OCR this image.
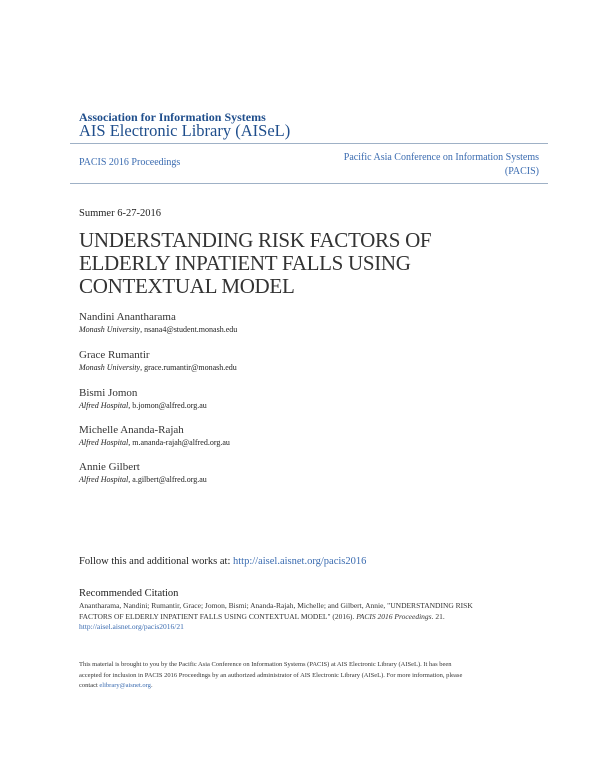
Association for Information Systems
AIS Electronic Library (AISeL)
PACIS 2016 Proceedings	Pacific Asia Conference on Information Systems
(PACIS)
Summer 6-27-2016
UNDERSTANDING RISK FACTORS OF
ELDERLY INPATIENT FALLS USING
CONTEXTUAL MODEL
Nandini Anantharama
Monash University, nsana4@student.monash.edu
Grace Rumantir
Monash University, grace.rumantir@monash.edu
Bismi Jomon
Alfred Hospital, b.jomon@alfred.org.au
Michelle Ananda-Rajah
Alfred Hospital, m.ananda-rajah@alfred.org.au
Annie Gilbert
Alfred Hospital, a.gilbert@alfred.org.au
Follow this and additional works at: http://aisel.aisnet.org/pacis2016
Recommended Citation
Anantharama, Nandini; Rumantir, Grace; Jomon, Bismi; Ananda-Rajah, Michelle; and Gilbert, Annie, "UNDERSTANDING RISK
FACTORS OF ELDERLY INPATIENT FALLS USING CONTEXTUAL MODEL" (2016). PACIS 2016 Proceedings. 21.
http://aisel.aisnet.org/pacis2016/21
This material is brought to you by the Pacific Asia Conference on Information Systems (PACIS) at AIS Electronic Library (AISeL). It has been
accepted for inclusion in PACIS 2016 Proceedings by an authorized administrator of AIS Electronic Library (AISeL). For more information, please
contact elibrary@aisnet.org.
